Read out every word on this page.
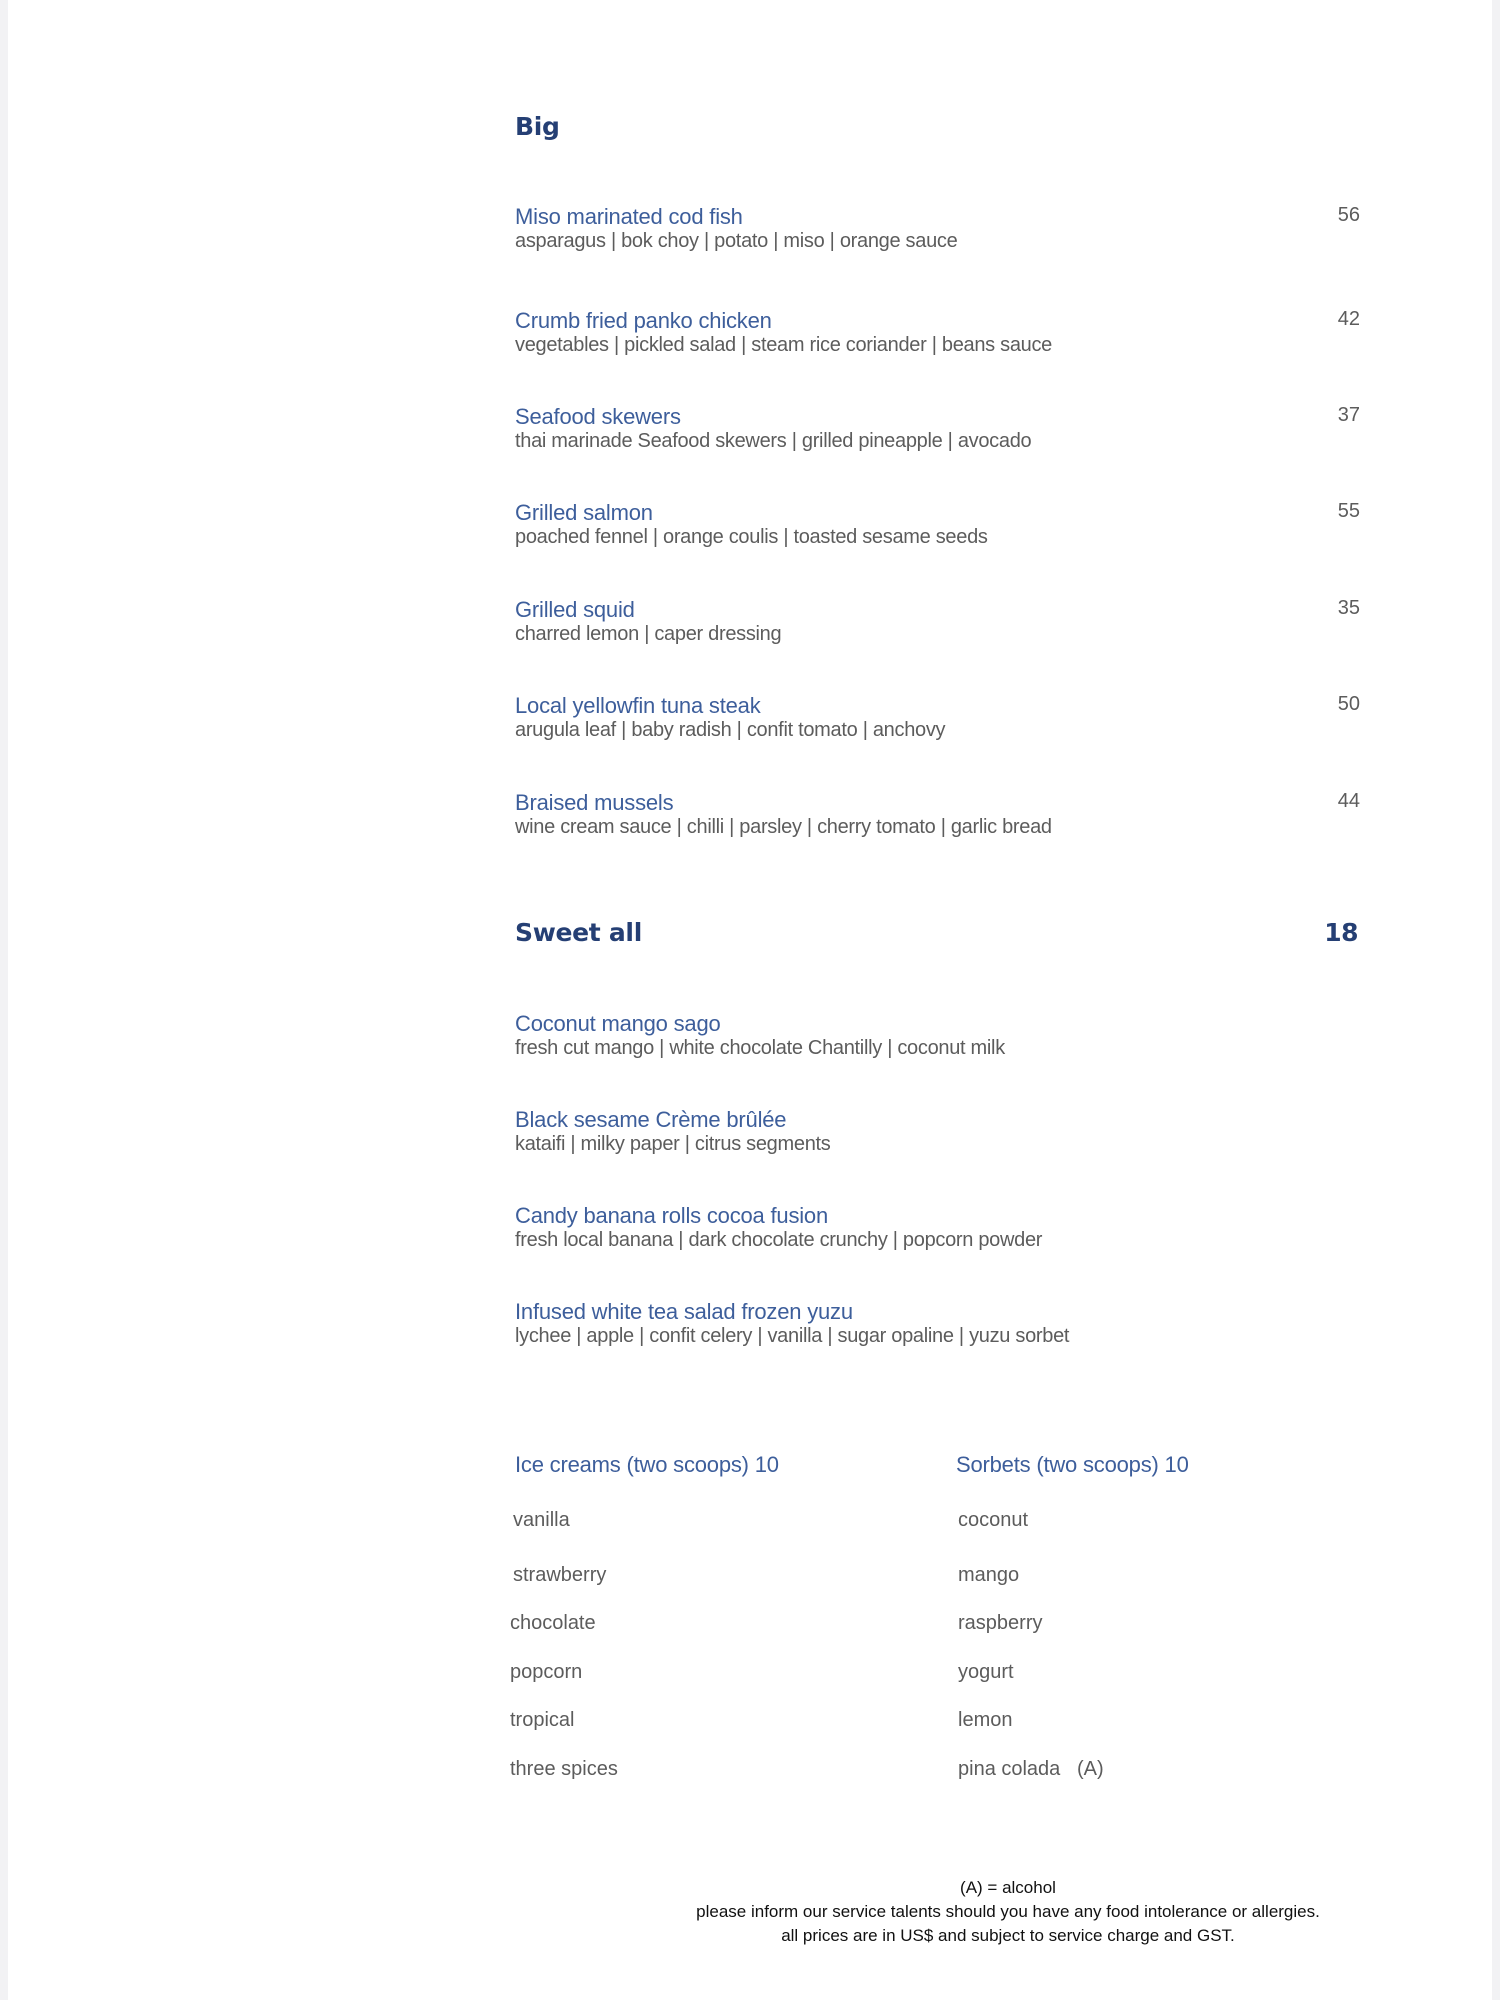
Big
Miso marinated cod fish
asparagus | bok choy | potato | miso | orange sauce
56
Crumb fried panko chicken
vegetables | pickled salad | steam rice coriander | beans sauce
42
Seafood skewers
thai marinade Seafood skewers | grilled pineapple | avocado
37
Grilled salmon
poached fennel | orange coulis | toasted sesame seeds
55
Grilled squid
charred lemon | caper dressing
35
Local yellowfin tuna steak
arugula leaf | baby radish | confit tomato | anchovy
50
Braised mussels
wine cream sauce | chilli | parsley | cherry tomato | garlic bread
44
Sweet all	18
Coconut mango sago
fresh cut mango | white chocolate Chantilly | coconut milk
Black sesame Crème brûlée
kataifi | milky paper | citrus segments
Candy banana rolls cocoa fusion
fresh local banana | dark chocolate crunchy | popcorn powder
Infused white tea salad frozen yuzu
lychee | apple | confit celery | vanilla | sugar opaline | yuzu sorbet
Ice creams (two scoops) 10	Sorbets (two scoops) 10
vanilla
strawberry
chocolate
popcorn
tropical
three spices
coconut
mango
raspberry
yogurt
lemon
pina colada   (A)
(A) = alcohol
please inform our service talents should you have any food intolerance or allergies.
all prices are in US$ and subject to service charge and GST.
